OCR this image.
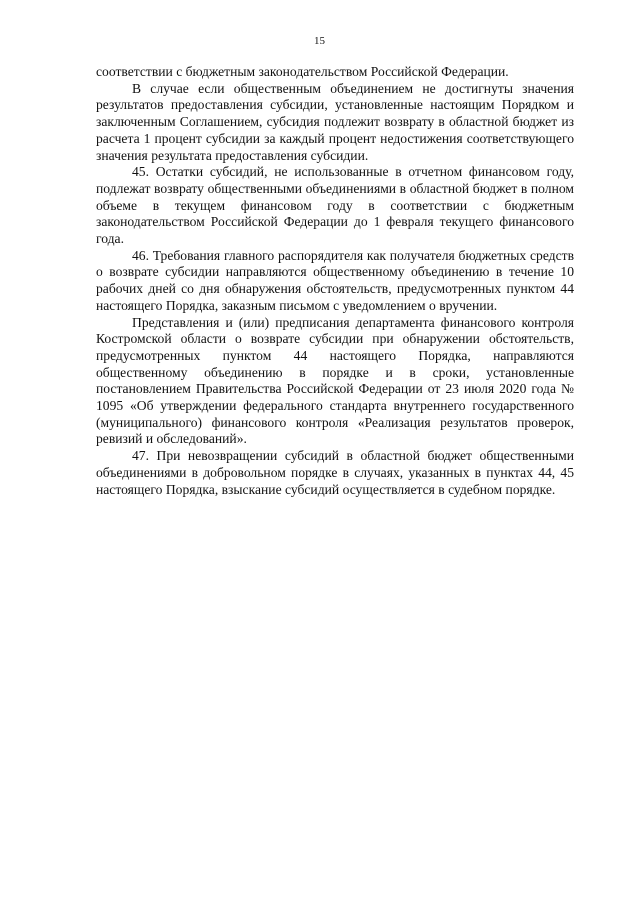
15

соответствии с бюджетным законодательством Российской Федерации.

В случае если общественным объединением не достигнуты значения результатов предоставления субсидии, установленные настоящим Порядком и заключенным Соглашением, субсидия подлежит возврату в областной бюджет из расчета 1 процент субсидии за каждый процент недостижения соответствующего значения результата предоставления субсидии.

45. Остатки субсидий, не использованные в отчетном финансовом году, подлежат возврату общественными объединениями в областной бюджет в полном объеме в текущем финансовом году в соответствии с бюджетным законодательством Российской Федерации до 1 февраля текущего финансового года.

46. Требования главного распорядителя как получателя бюджетных средств о возврате субсидии направляются общественному объединению в течение 10 рабочих дней со дня обнаружения обстоятельств, предусмотренных пунктом 44 настоящего Порядка, заказным письмом с уведомлением о вручении.

Представления и (или) предписания департамента финансового контроля Костромской области о возврате субсидии при обнаружении обстоятельств, предусмотренных пунктом 44 настоящего Порядка, направляются общественному объединению в порядке и в сроки, установленные постановлением Правительства Российской Федерации от 23 июля 2020 года № 1095 «Об утверждении федерального стандарта внутреннего государственного (муниципального) финансового контроля «Реализация результатов проверок, ревизий и обследований».

47. При невозвращении субсидий в областной бюджет общественными объединениями в добровольном порядке в случаях, указанных в пунктах 44, 45 настоящего Порядка, взыскание субсидий осуществляется в судебном порядке.
